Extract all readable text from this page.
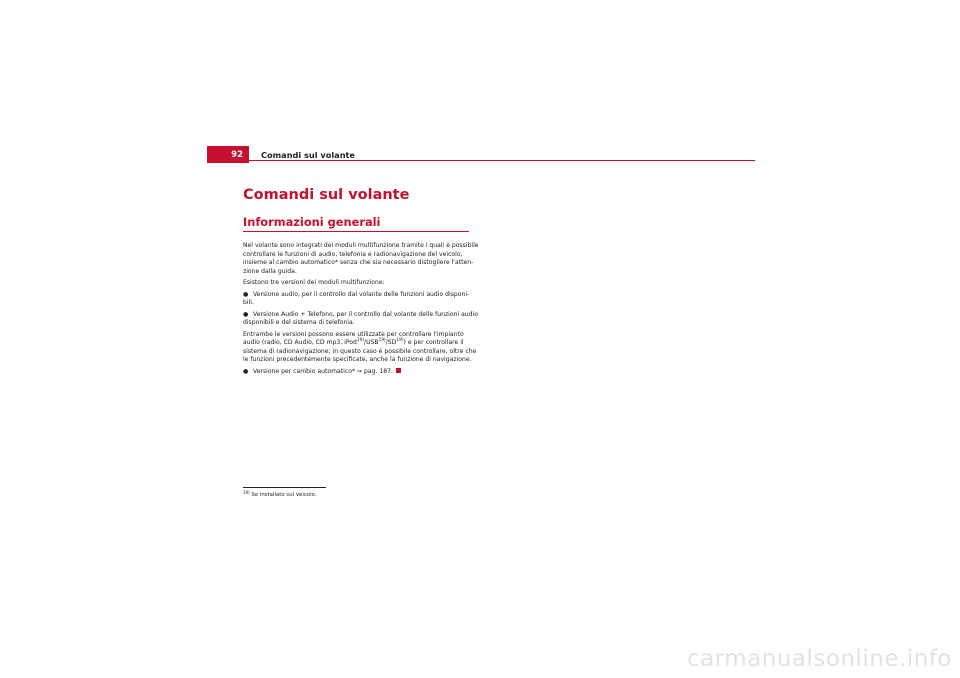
92	Comandi sul volante
Comandi sul volante
Informazioni generali

Nel volante sono integrati dei moduli multifunzione tramite i quali è possibile
controllare le funzioni di audio, telefonia e radionavigazione del veicolo,
insieme al cambio automatico* senza che sia necessario distogliere l'atten-
zione dalla guida.

Esistono tre versioni dei moduli multifunzione:

● Versione audio, per il controllo dal volante delle funzioni audio disponi-
bili.

● Versione Audio + Telefono, per il controllo dal volante delle funzioni audio
disponibili e del sistema di telefonia.

Entrambe le versioni possono essere utilizzate per controllare l'impianto
audio (radio, CD Audio, CD mp3, iPod$^{19)}$/USB$^{19)}$/SD$^{19)}$) e per controllare il
sistema di radionavigazione; in questo caso è possibile controllare, oltre che
le funzioni precedentemente specificate, anche la funzione di navigazione.

● Versione per cambio automatico* ⇒ pag. 187.

$^{19)}$ Se installato sul veicolo.
carmanualsonline.info
